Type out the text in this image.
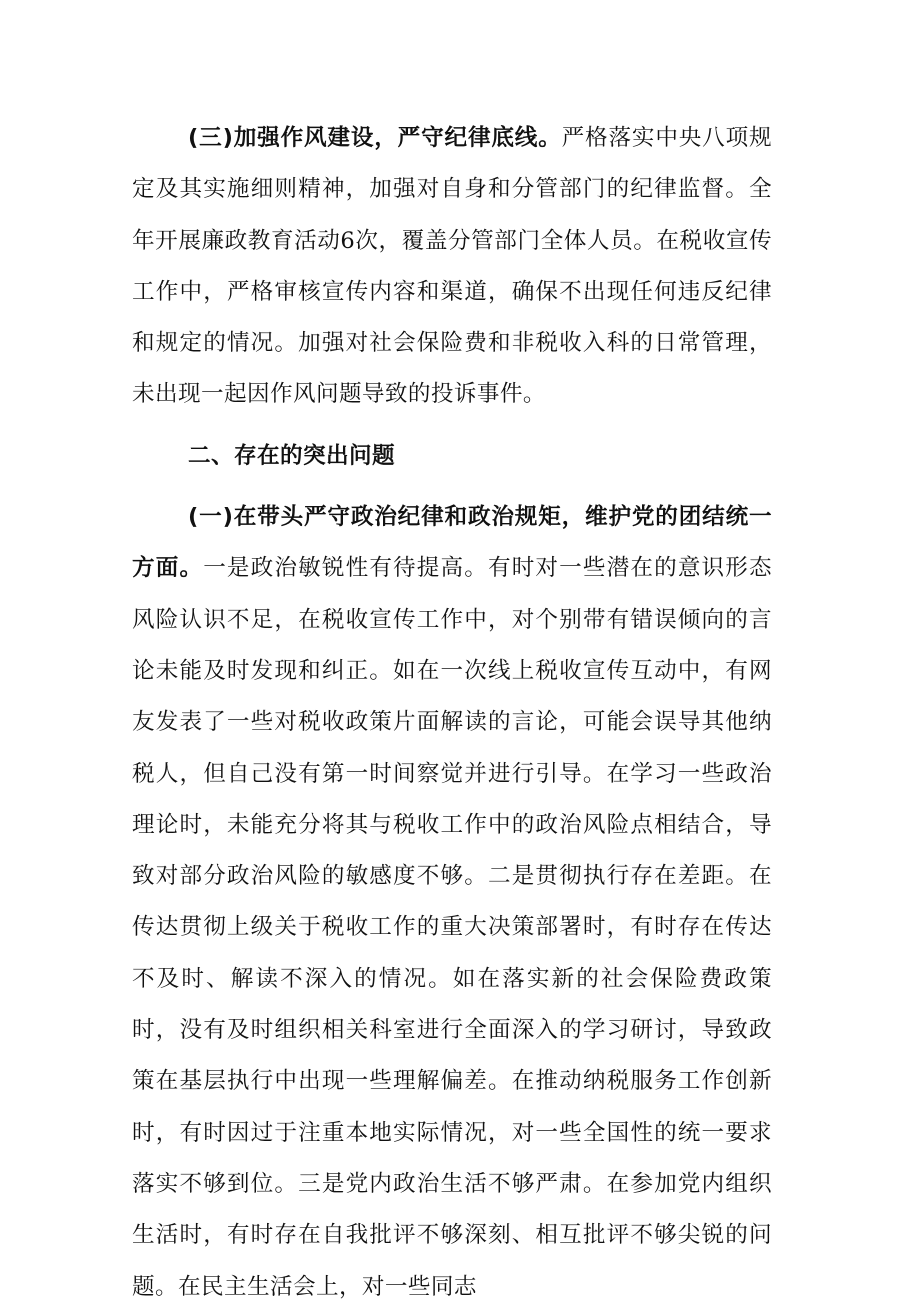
(三)加强作风建设，严守纪律底线。严格落实中央八项规定及其实施细则精神，加强对自身和分管部门的纪律监督。全年开展廉政教育活动6次，覆盖分管部门全体人员。在税收宣传工作中，严格审核宣传内容和渠道，确保不出现任何违反纪律和规定的情况。加强对社会保险费和非税收入科的日常管理，未出现一起因作风问题导致的投诉事件。

二、存在的突出问题

(一)在带头严守政治纪律和政治规矩，维护党的团结统一方面。一是政治敏锐性有待提高。有时对一些潜在的意识形态风险认识不足，在税收宣传工作中，对个别带有错误倾向的言论未能及时发现和纠正。如在一次线上税收宣传互动中，有网友发表了一些对税收政策片面解读的言论，可能会误导其他纳税人，但自己没有第一时间察觉并进行引导。在学习一些政治理论时，未能充分将其与税收工作中的政治风险点相结合，导致对部分政治风险的敏感度不够。二是贯彻执行存在差距。在传达贯彻上级关于税收工作的重大决策部署时，有时存在传达不及时、解读不深入的情况。如在落实新的社会保险费政策时，没有及时组织相关科室进行全面深入的学习研讨，导致政策在基层执行中出现一些理解偏差。在推动纳税服务工作创新时，有时因过于注重本地实际情况，对一些全国性的统一要求落实不够到位。三是党内政治生活不够严肃。在参加党内组织生活时，有时存在自我批评不够深刻、相互批评不够尖锐的问题。在民主生活会上，对一些同志
